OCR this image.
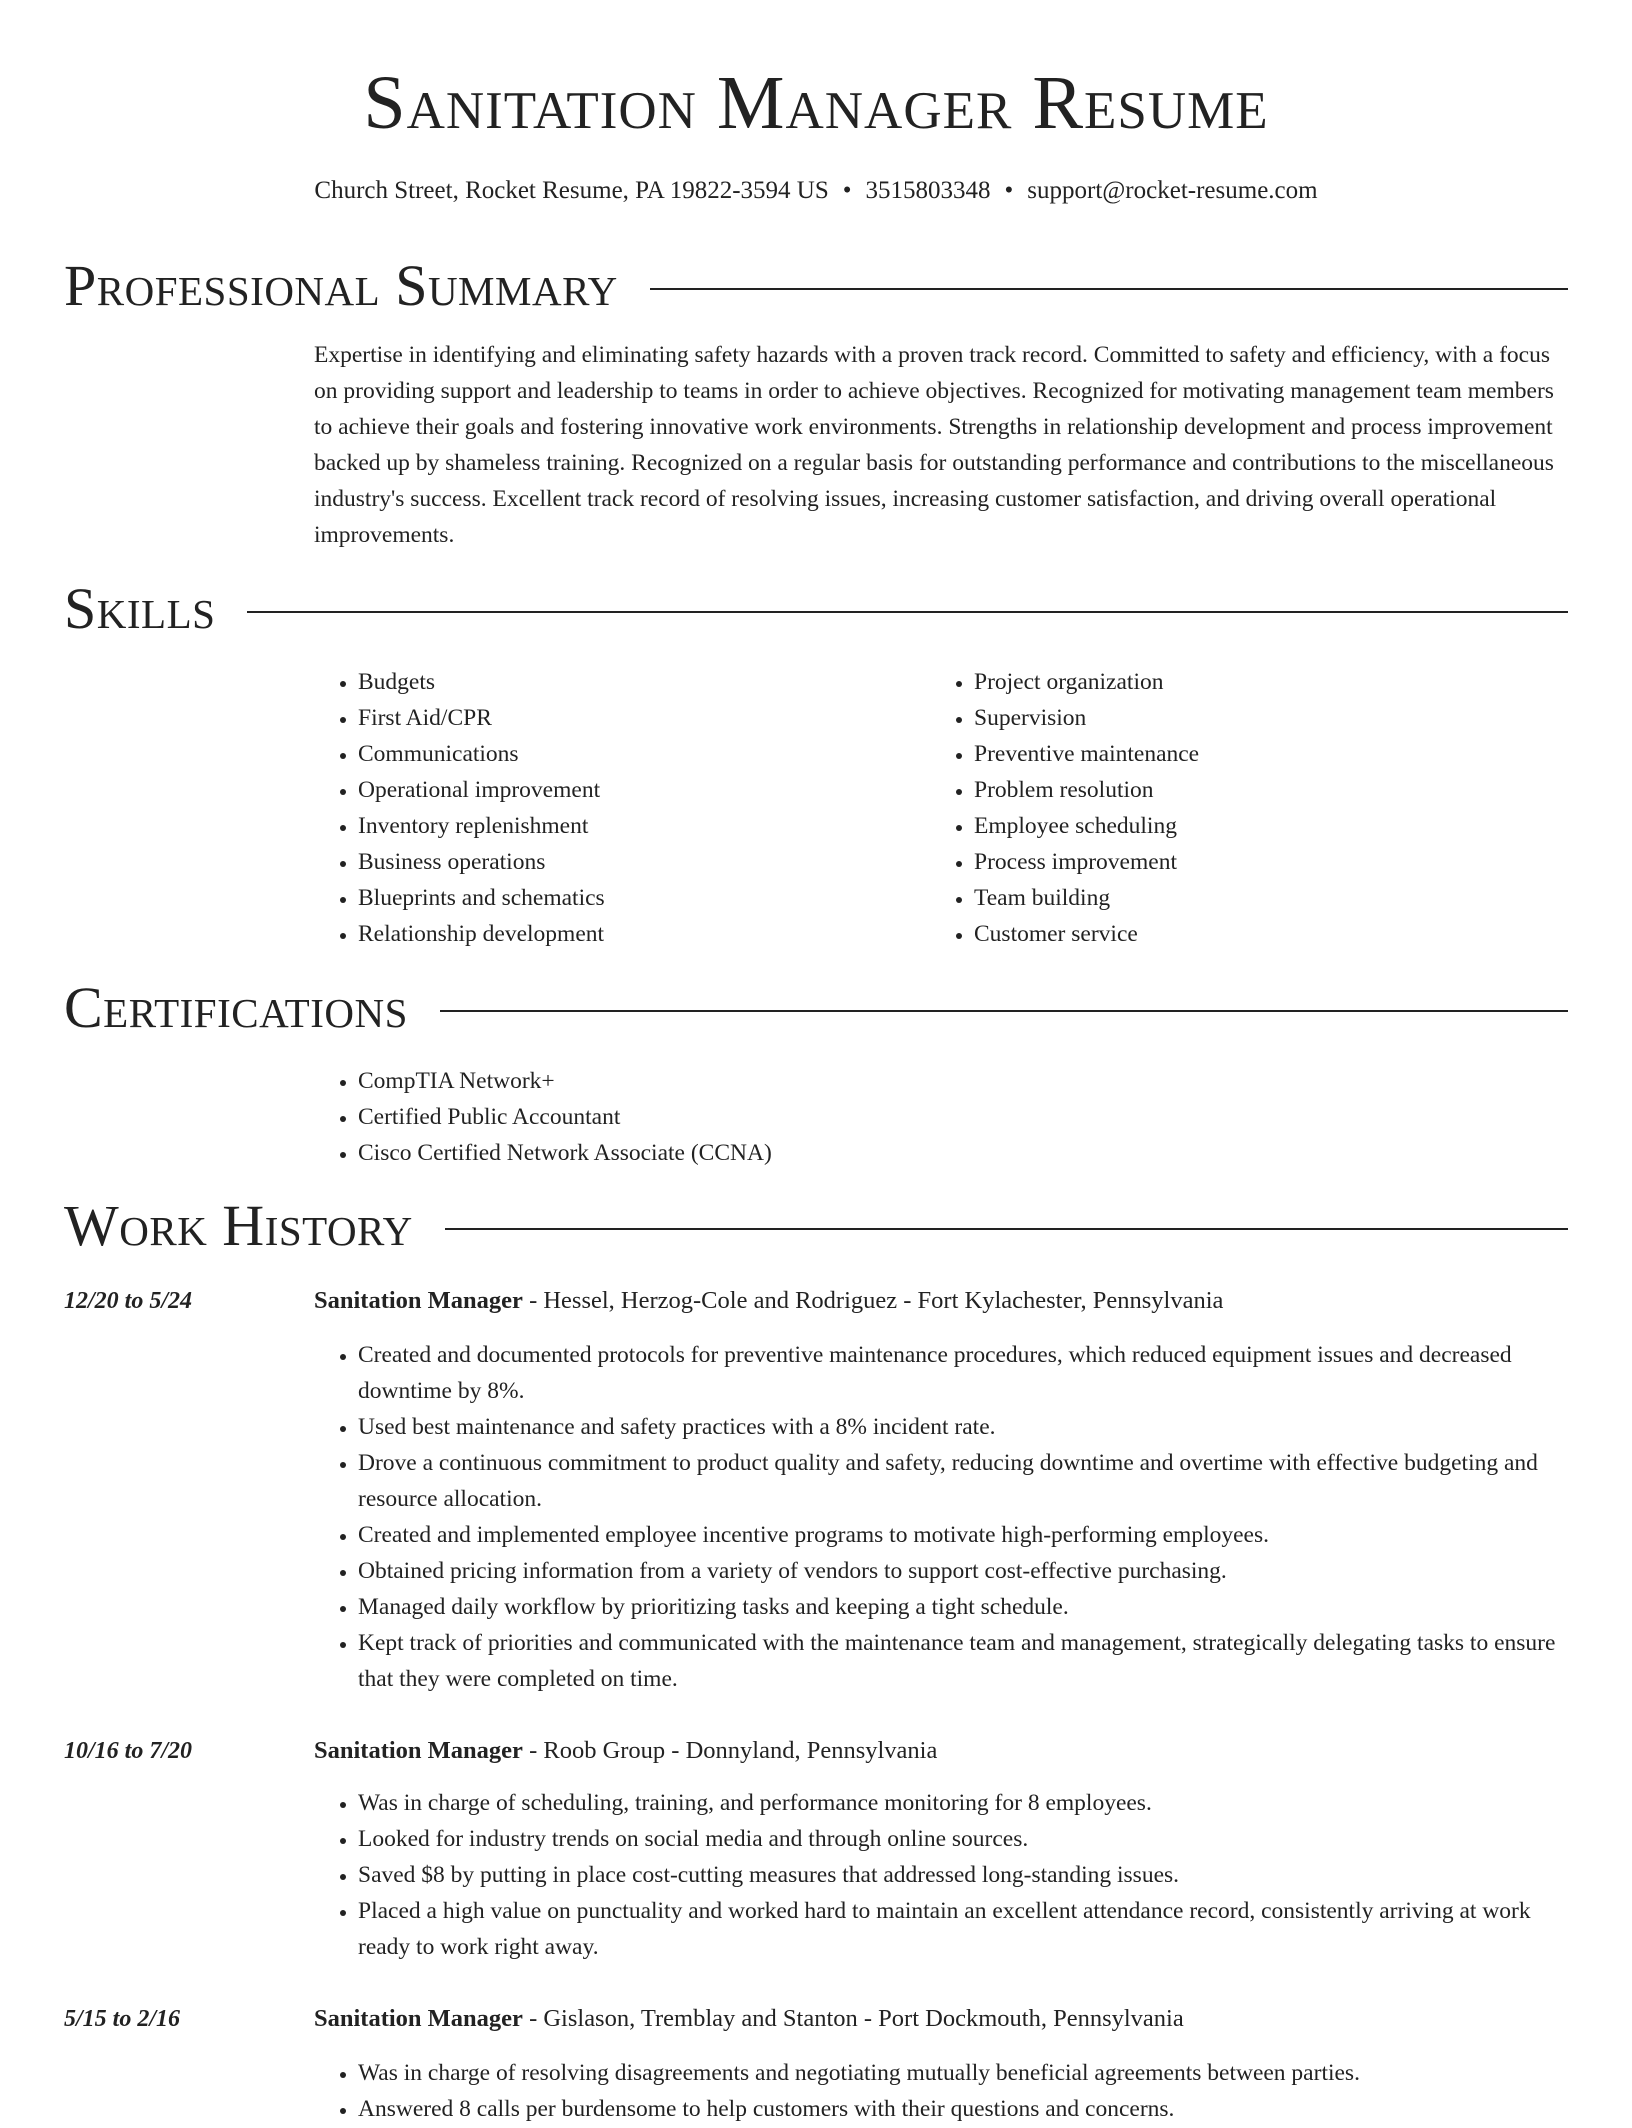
Sanitation Manager Resume
Church Street, Rocket Resume, PA 19822-3594 US • 3515803348 • support@rocket-resume.com
Professional Summary

Expertise in identifying and eliminating safety hazards with a proven track record. Committed to safety and efficiency, with a focus on providing support and leadership to teams in order to achieve objectives. Recognized for motivating management team members to achieve their goals and fostering innovative work environments. Strengths in relationship development and process improvement backed up by shameless training. Recognized on a regular basis for outstanding performance and contributions to the miscellaneous industry's success. Excellent track record of resolving issues, increasing customer satisfaction, and driving overall operational improvements.

Skills
• Budgets
• First Aid/CPR
• Communications
• Operational improvement
• Inventory replenishment
• Business operations
• Blueprints and schematics
• Relationship development
• Project organization
• Supervision
• Preventive maintenance
• Problem resolution
• Employee scheduling
• Process improvement
• Team building
• Customer service
Certifications
• CompTIA Network+
• Certified Public Accountant
• Cisco Certified Network Associate (CCNA)
Work History
12/20 to 5/24	Sanitation Manager - Hessel, Herzog-Cole and Rodriguez - Fort Kylachester, Pennsylvania
• Created and documented protocols for preventive maintenance procedures, which reduced equipment issues and decreased downtime by 8%.
• Used best maintenance and safety practices with a 8% incident rate.
• Drove a continuous commitment to product quality and safety, reducing downtime and overtime with effective budgeting and resource allocation.
• Created and implemented employee incentive programs to motivate high-performing employees.
• Obtained pricing information from a variety of vendors to support cost-effective purchasing.
• Managed daily workflow by prioritizing tasks and keeping a tight schedule.
• Kept track of priorities and communicated with the maintenance team and management, strategically delegating tasks to ensure that they were completed on time.
10/16 to 7/20	Sanitation Manager - Roob Group - Donnyland, Pennsylvania
• Was in charge of scheduling, training, and performance monitoring for 8 employees.
• Looked for industry trends on social media and through online sources.
• Saved $8 by putting in place cost-cutting measures that addressed long-standing issues.
• Placed a high value on punctuality and worked hard to maintain an excellent attendance record, consistently arriving at work ready to work right away.
5/15 to 2/16	Sanitation Manager - Gislason, Tremblay and Stanton - Port Dockmouth, Pennsylvania
• Was in charge of resolving disagreements and negotiating mutually beneficial agreements between parties.
• Answered 8 calls per burdensome to help customers with their questions and concerns.
